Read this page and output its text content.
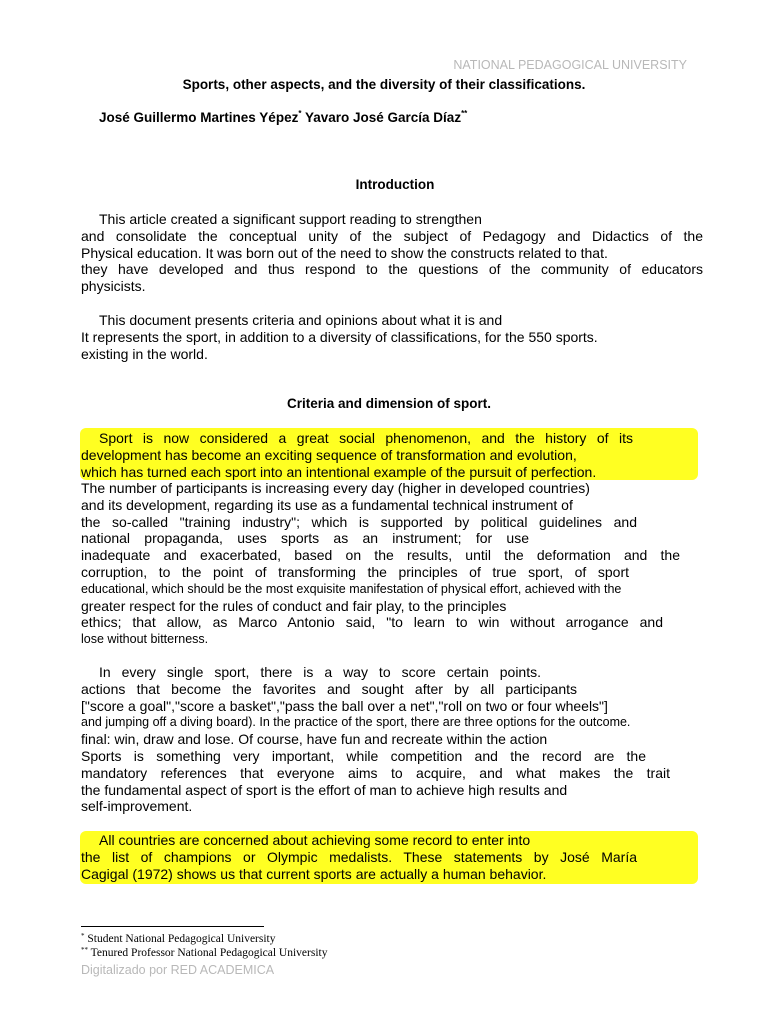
NATIONAL PEDAGOGICAL UNIVERSITY
Sports, other aspects, and the diversity of their classifications.
José Guillermo Martines Yépez* Yavaro José García Díaz**
Introduction
This article created a significant support reading to strengthen
and consolidate the conceptual unity of the subject of Pedagogy and Didactics of the
Physical education. It was born out of the need to show the constructs related to that.
they have developed and thus respond to the questions of the community of educators
physicists.
This document presents criteria and opinions about what it is and
It represents the sport, in addition to a diversity of classifications, for the 550 sports.
existing in the world.
Criteria and dimension of sport.
Sport is now considered a great social phenomenon, and the history of its
development has become an exciting sequence of transformation and evolution,
which has turned each sport into an intentional example of the pursuit of perfection.
The number of participants is increasing every day (higher in developed countries)
and its development, regarding its use as a fundamental technical instrument of
the so-called "training industry"; which is supported by political guidelines and
national propaganda, uses sports as an instrument; for use
inadequate and exacerbated, based on the results, until the deformation and the
corruption, to the point of transforming the principles of true sport, of sport
educational, which should be the most exquisite manifestation of physical effort, achieved with the
greater respect for the rules of conduct and fair play, to the principles
ethics; that allow, as Marco Antonio said, "to learn to win without arrogance and
lose without bitterness.
In every single sport, there is a way to score certain points.
actions that become the favorites and sought after by all participants
["score a goal","score a basket","pass the ball over a net","roll on two or four wheels"]
and jumping off a diving board). In the practice of the sport, there are three options for the outcome.
final: win, draw and lose. Of course, have fun and recreate within the action
Sports is something very important, while competition and the record are the
mandatory references that everyone aims to acquire, and what makes the trait
the fundamental aspect of sport is the effort of man to achieve high results and
self-improvement.
All countries are concerned about achieving some record to enter into
the list of champions or Olympic medalists. These statements by José María
Cagigal (1972) shows us that current sports are actually a human behavior.
* Student National Pedagogical University
** Tenured Professor National Pedagogical University
Digitalizado por RED ACADEMICA
